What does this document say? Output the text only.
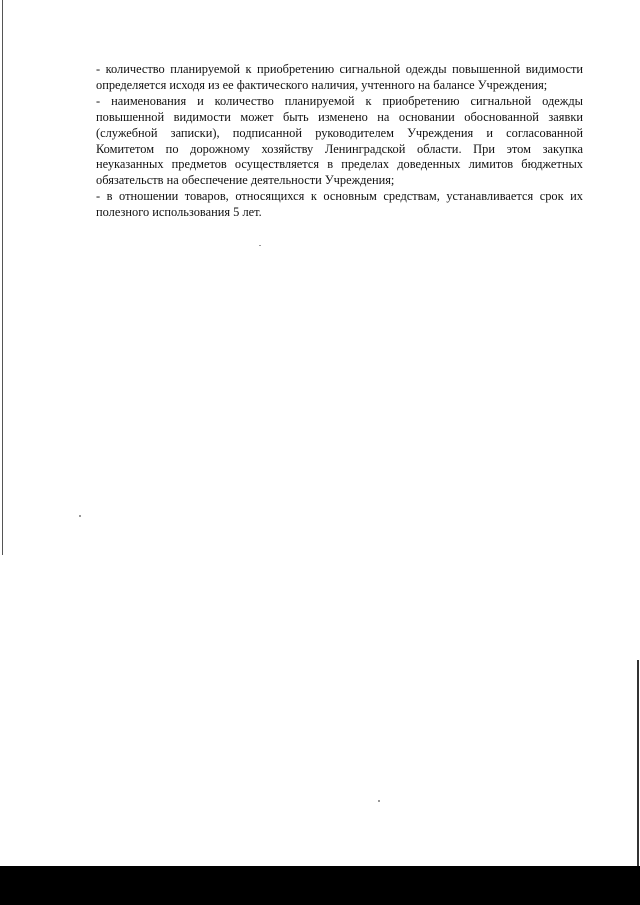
- количество планируемой к приобретению сигнальной одежды повышенной видимости определяется исходя из ее фактического наличия, учтенного на балансе Учреждения;

- наименования и количество планируемой к приобретению сигнальной одежды повышенной видимости может быть изменено на основании обоснованной заявки (служебной записки), подписанной руководителем Учреждения и согласованной Комитетом по дорожному хозяйству Ленинградской области. При этом закупка неуказанных предметов осуществляется в пределах доведенных лимитов бюджетных обязательств на обеспечение деятельности Учреждения;

- в отношении товаров, относящихся к основным средствам, устанавливается срок их полезного использования 5 лет.
